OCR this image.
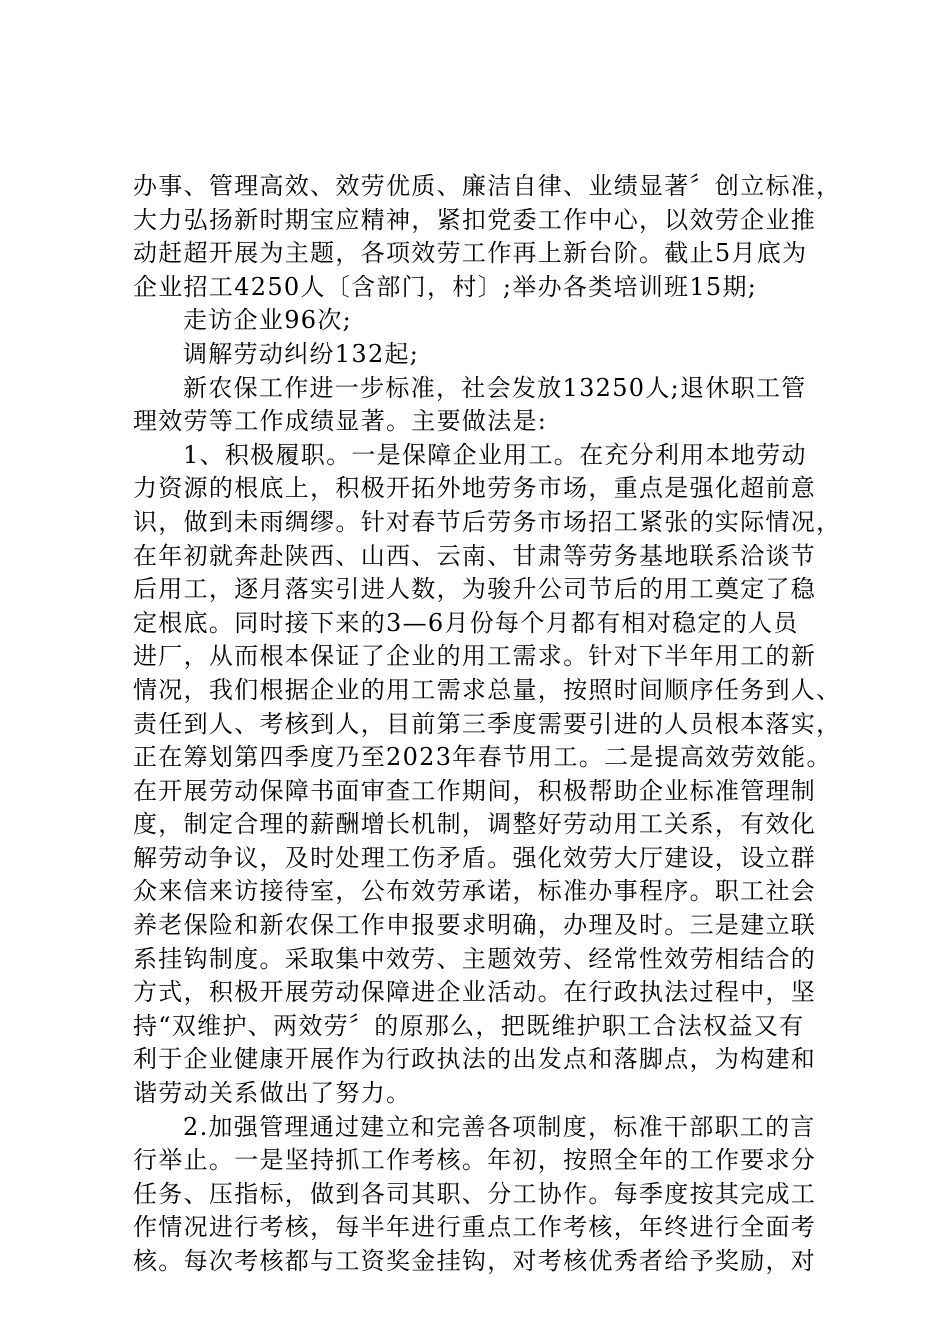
办事、管理高效、效劳优质、廉洁自律、业绩显著〞创立标准，

大力弘扬新时期宝应精神，紧扣党委工作中心，以效劳企业推

动赶超开展为主题，各项效劳工作再上新台阶。截止5月底为

企业招工4250人〔含部门，村〕;举办各类培训班15期;

走访企业96次;

调解劳动纠纷132起;

新农保工作进一步标准，社会发放13250人;退休职工管

理效劳等工作成绩显著。主要做法是:

1、积极履职。一是保障企业用工。在充分利用本地劳动

力资源的根底上，积极开拓外地劳务市场，重点是强化超前意

识，做到未雨绸缪。针对春节后劳务市场招工紧张的实际情况，

在年初就奔赴陕西、山西、云南、甘肃等劳务基地联系洽谈节

后用工，逐月落实引进人数，为骏升公司节后的用工奠定了稳

定根底。同时接下来的3—6月份每个月都有相对稳定的人员

进厂，从而根本保证了企业的用工需求。针对下半年用工的新

情况，我们根据企业的用工需求总量，按照时间顺序任务到人、

责任到人、考核到人，目前第三季度需要引进的人员根本落实，

正在筹划第四季度乃至2023年春节用工。二是提高效劳效能。

在开展劳动保障书面审查工作期间，积极帮助企业标准管理制

度，制定合理的薪酬增长机制，调整好劳动用工关系，有效化

解劳动争议，及时处理工伤矛盾。强化效劳大厅建设，设立群

众来信来访接待室，公布效劳承诺，标准办事程序。职工社会

养老保险和新农保工作申报要求明确，办理及时。三是建立联

系挂钩制度。采取集中效劳、主题效劳、经常性效劳相结合的

方式，积极开展劳动保障进企业活动。在行政执法过程中，坚

持“双维护、两效劳〞的原那么，把既维护职工合法权益又有

利于企业健康开展作为行政执法的出发点和落脚点，为构建和

谐劳动关系做出了努力。

2.加强管理通过建立和完善各项制度，标准干部职工的言

行举止。一是坚持抓工作考核。年初，按照全年的工作要求分

任务、压指标，做到各司其职、分工协作。每季度按其完成工

作情况进行考核，每半年进行重点工作考核，年终进行全面考

核。每次考核都与工资奖金挂钩，对考核优秀者给予奖励，对
